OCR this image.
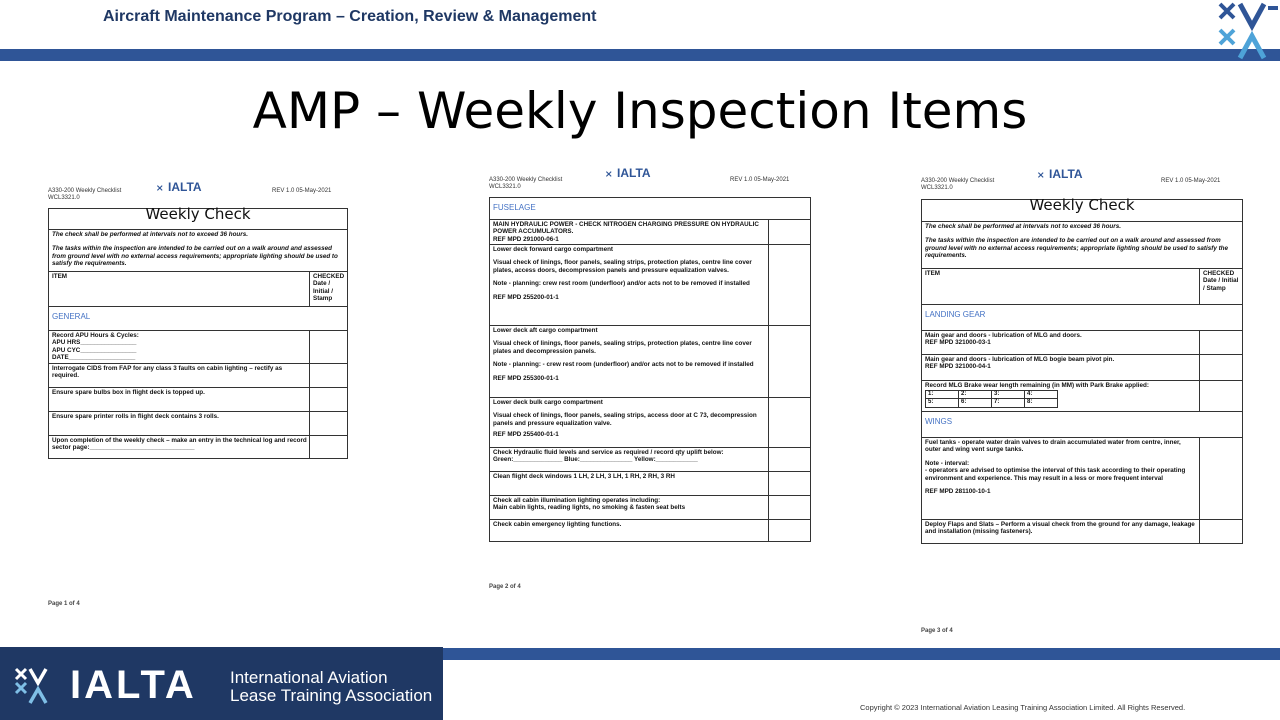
Aircraft Maintenance Program – Creation, Review & Management
AMP – Weekly Inspection Items
A330-200 Weekly Checklist
WCL3321.0
REV 1.0 05-May-2021
⨯ IALTA
Weekly Check
The check shall be performed at intervals not to exceed 36 hours.
The tasks within the inspection are intended to be carried out on a walk around and assessed from ground level with no external access requirements; appropriate lighting should be used to satisfy the requirements.
ITEM	CHECKED Date / Initial / Stamp
GENERAL
Record APU Hours & Cycles:
APU HRS________________
APU CYC________________
DATE___________________
Interrogate CIDS from FAP for any class 3 faults on cabin lighting – rectify as required.
Ensure spare bulbs box in flight deck is topped up.
Ensure spare printer rolls in flight deck contains 3 rolls.
Upon completion of the weekly check – make an entry in the technical log and record sector page:______________________________
Page 1 of 4
A330-200 Weekly Checklist
WCL3321.0
REV 1.0 05-May-2021
⨯ IALTA
FUSELAGE
MAIN HYDRAULIC POWER - CHECK NITROGEN CHARGING PRESSURE ON HYDRAULIC POWER ACCUMULATORS.
REF MPD 291000-06-1
Lower deck forward cargo compartment
Visual check of linings, floor panels, sealing strips, protection plates, centre line cover plates, access doors, decompression panels and pressure equalization valves.
Note - planning: crew rest room (underfloor) and/or acts not to be removed if installed
REF MPD 255200-01-1
Lower deck aft cargo compartment
Visual check of linings, floor panels, sealing strips, protection plates, centre line cover plates and decompression panels.
Note - planning: - crew rest room (underfloor) and/or acts not to be removed if installed
REF MPD 255300-01-1
Lower deck bulk cargo compartment
Visual check of linings, floor panels, sealing strips, access door at C 73, decompression panels and pressure equalization valve.
REF MPD 255400-01-1
Check Hydraulic fluid levels and service as required / record qty uplift below:
Green:______________ Blue:_______________ Yellow:____________
Clean flight deck windows 1 LH, 2 LH, 3 LH, 1 RH, 2 RH, 3 RH
Check all cabin illumination lighting operates including:
Main cabin lights, reading lights, no smoking & fasten seat belts
Check cabin emergency lighting functions.
Page 2 of 4
A330-200 Weekly Checklist
WCL3321.0
REV 1.0 05-May-2021
⨯ IALTA
Weekly Check
The check shall be performed at intervals not to exceed 36 hours.
The tasks within the inspection are intended to be carried out on a walk around and assessed from ground level with no external access requirements; appropriate lighting should be used to satisfy the requirements.
ITEM	CHECKED Date / Initial / Stamp
LANDING GEAR
Main gear and doors - lubrication of MLG and doors.
REF MPD 321000-03-1
Main gear and doors - lubrication of MLG bogie beam pivot pin.
REF MPD 321000-04-1
Record MLG Brake wear length remaining (in MM) with Park Brake applied:
1:	2:	3:	4:
5:	6:	7:	8:
WINGS
Fuel tanks - operate water drain valves to drain accumulated water from centre, inner, outer and wing vent surge tanks.
Note - interval:
- operators are advised to optimise the interval of this task according to their operating environment and experience. This may result in a less or more frequent interval
REF MPD 281100-10-1
Deploy Flaps and Slats – Perform a visual check from the ground for any damage, leakage and installation (missing fasteners).
Page 3 of 4
IALTA International Aviation
Lease Training Association
Copyright © 2023 International Aviation Leasing Training Association Limited. All Rights Reserved.
